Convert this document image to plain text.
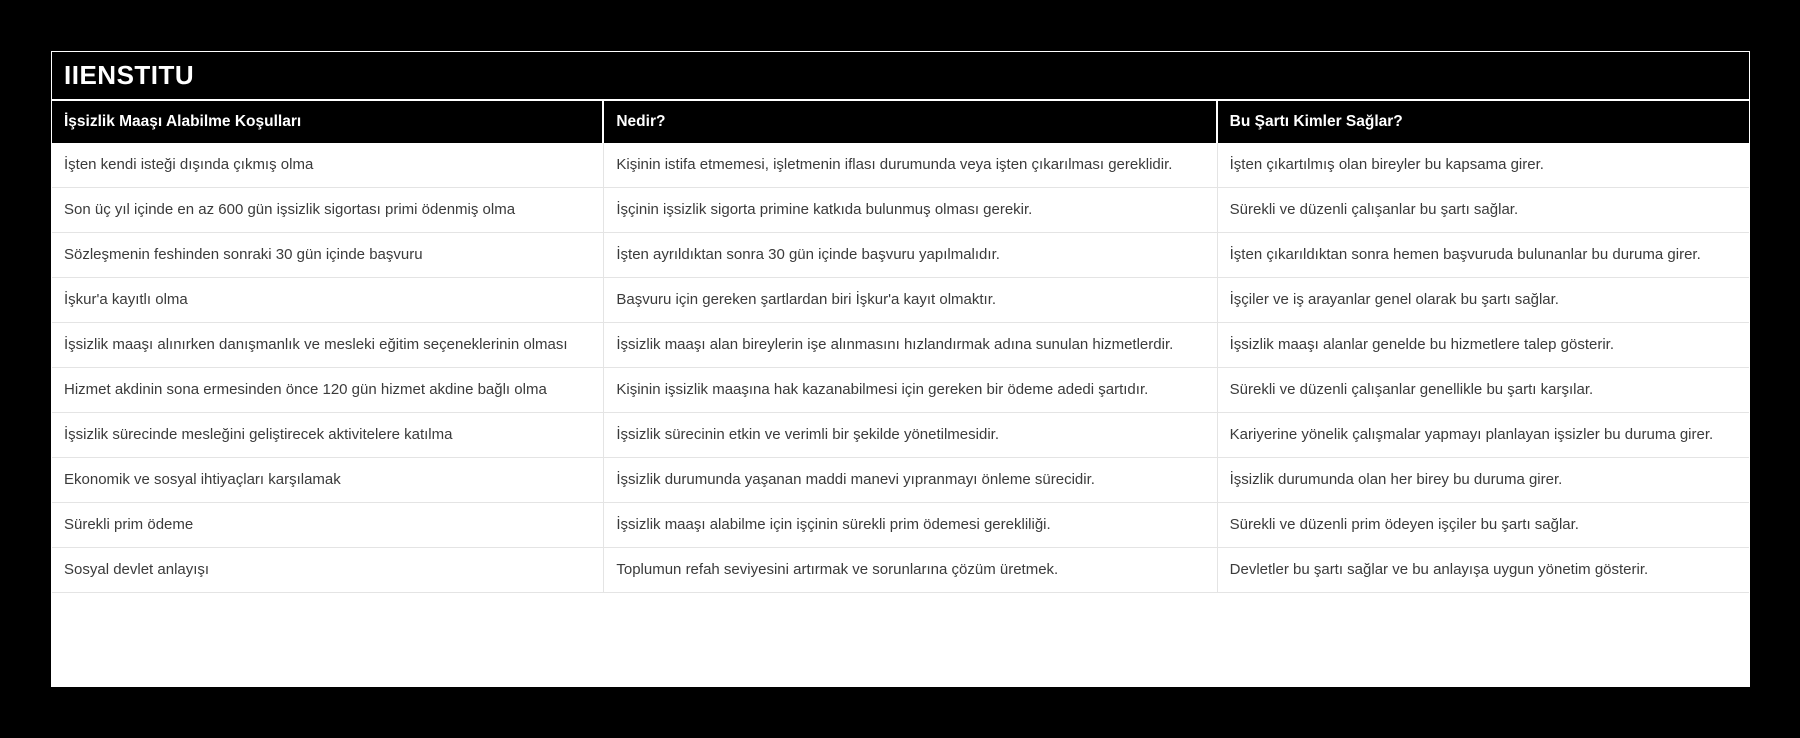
IIENSTITU
İşsizlik Maaşı Alabilme Koşulları	Nedir?	Bu Şartı Kimler Sağlar?
İşten kendi isteği dışında çıkmış olma	Kişinin istifa etmemesi, işletmenin iflası durumunda veya işten çıkarılması gereklidir.	İşten çıkartılmış olan bireyler bu kapsama girer.
Son üç yıl içinde en az 600 gün işsizlik sigortası primi ödenmiş olma	İşçinin işsizlik sigorta primine katkıda bulunmuş olması gerekir.	Sürekli ve düzenli çalışanlar bu şartı sağlar.
Sözleşmenin feshinden sonraki 30 gün içinde başvuru	İşten ayrıldıktan sonra 30 gün içinde başvuru yapılmalıdır.	İşten çıkarıldıktan sonra hemen başvuruda bulunanlar bu duruma girer.
İşkur'a kayıtlı olma	Başvuru için gereken şartlardan biri İşkur'a kayıt olmaktır.	İşçiler ve iş arayanlar genel olarak bu şartı sağlar.
İşsizlik maaşı alınırken danışmanlık ve mesleki eğitim seçeneklerinin olması	İşsizlik maaşı alan bireylerin işe alınmasını hızlandırmak adına sunulan hizmetlerdir.	İşsizlik maaşı alanlar genelde bu hizmetlere talep gösterir.
Hizmet akdinin sona ermesinden önce 120 gün hizmet akdine bağlı olma	Kişinin işsizlik maaşına hak kazanabilmesi için gereken bir ödeme adedi şartıdır.	Sürekli ve düzenli çalışanlar genellikle bu şartı karşılar.
İşsizlik sürecinde mesleğini geliştirecek aktivitelere katılma	İşsizlik sürecinin etkin ve verimli bir şekilde yönetilmesidir.	Kariyerine yönelik çalışmalar yapmayı planlayan işsizler bu duruma girer.
Ekonomik ve sosyal ihtiyaçları karşılamak	İşsizlik durumunda yaşanan maddi manevi yıpranmayı önleme sürecidir.	İşsizlik durumunda olan her birey bu duruma girer.
Sürekli prim ödeme	İşsizlik maaşı alabilme için işçinin sürekli prim ödemesi gerekliliği.	Sürekli ve düzenli prim ödeyen işçiler bu şartı sağlar.
Sosyal devlet anlayışı	Toplumun refah seviyesini artırmak ve sorunlarına çözüm üretmek.	Devletler bu şartı sağlar ve bu anlayışa uygun yönetim gösterir.
